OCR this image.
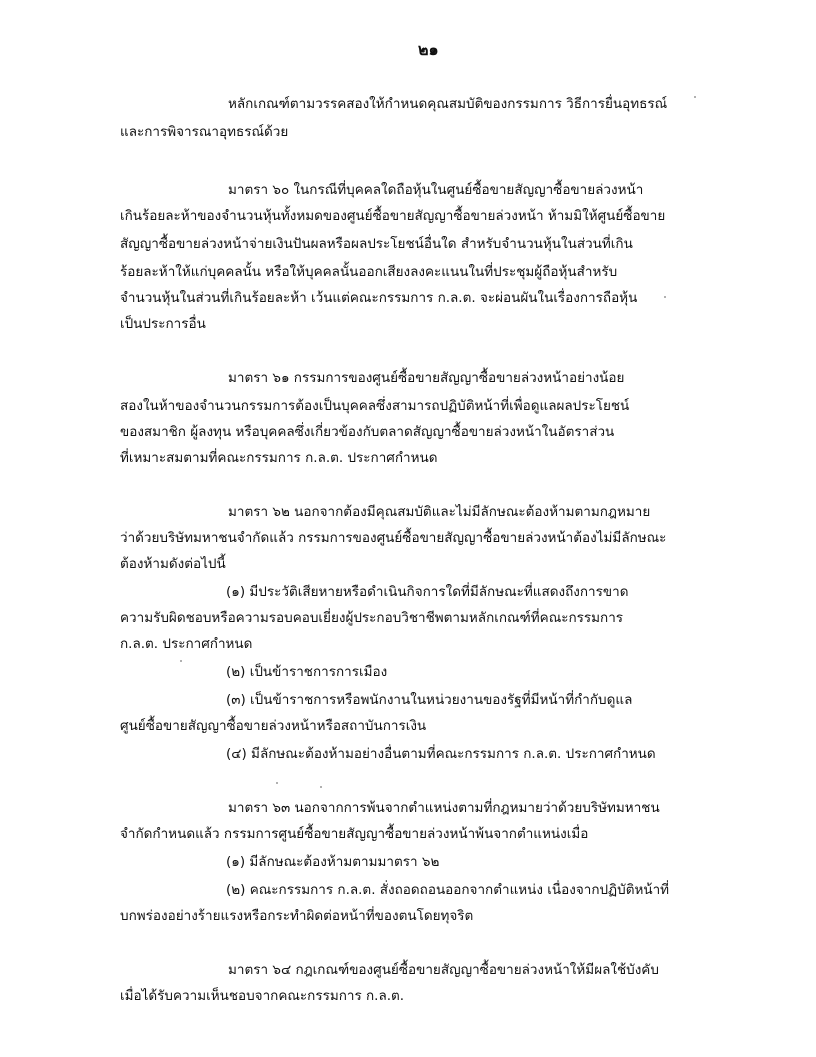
๒๑
หลักเกณฑ์ตามวรรคสองให้กำหนดคุณสมบัติของกรรมการ วิธีการยื่นอุทธรณ์
และการพิจารณาอุทธรณ์ด้วย
มาตรา ๖๐ ในกรณีที่บุคคลใดถือหุ้นในศูนย์ซื้อขายสัญญาซื้อขายล่วงหน้า
เกินร้อยละห้าของจำนวนหุ้นทั้งหมดของศูนย์ซื้อขายสัญญาซื้อขายล่วงหน้า ห้ามมิให้ศูนย์ซื้อขาย
สัญญาซื้อขายล่วงหน้าจ่ายเงินปันผลหรือผลประโยชน์อื่นใด สำหรับจำนวนหุ้นในส่วนที่เกิน
ร้อยละห้าให้แก่บุคคลนั้น หรือให้บุคคลนั้นออกเสียงลงคะแนนในที่ประชุมผู้ถือหุ้นสำหรับ
จำนวนหุ้นในส่วนที่เกินร้อยละห้า เว้นแต่คณะกรรมการ ก.ล.ต. จะผ่อนผันในเรื่องการถือหุ้น
เป็นประการอื่น
มาตรา ๖๑ กรรมการของศูนย์ซื้อขายสัญญาซื้อขายล่วงหน้าอย่างน้อย
สองในห้าของจำนวนกรรมการต้องเป็นบุคคลซึ่งสามารถปฏิบัติหน้าที่เพื่อดูแลผลประโยชน์
ของสมาชิก ผู้ลงทุน หรือบุคคลซึ่งเกี่ยวข้องกับตลาดสัญญาซื้อขายล่วงหน้าในอัตราส่วน
ที่เหมาะสมตามที่คณะกรรมการ ก.ล.ต. ประกาศกำหนด
มาตรา ๖๒ นอกจากต้องมีคุณสมบัติและไม่มีลักษณะต้องห้ามตามกฎหมาย
ว่าด้วยบริษัทมหาชนจำกัดแล้ว กรรมการของศูนย์ซื้อขายสัญญาซื้อขายล่วงหน้าต้องไม่มีลักษณะ
ต้องห้ามดังต่อไปนี้
(๑) มีประวัติเสียหายหรือดำเนินกิจการใดที่มีลักษณะที่แสดงถึงการขาด
ความรับผิดชอบหรือความรอบคอบเยี่ยงผู้ประกอบวิชาชีพตามหลักเกณฑ์ที่คณะกรรมการ
ก.ล.ต. ประกาศกำหนด
(๒) เป็นข้าราชการการเมือง
(๓) เป็นข้าราชการหรือพนักงานในหน่วยงานของรัฐที่มีหน้าที่กำกับดูแล
ศูนย์ซื้อขายสัญญาซื้อขายล่วงหน้าหรือสถาบันการเงิน
(๔) มีลักษณะต้องห้ามอย่างอื่นตามที่คณะกรรมการ ก.ล.ต. ประกาศกำหนด
มาตรา ๖๓ นอกจากการพ้นจากตำแหน่งตามที่กฎหมายว่าด้วยบริษัทมหาชน
จำกัดกำหนดแล้ว กรรมการศูนย์ซื้อขายสัญญาซื้อขายล่วงหน้าพ้นจากตำแหน่งเมื่อ
(๑) มีลักษณะต้องห้ามตามมาตรา ๖๒
(๒) คณะกรรมการ ก.ล.ต. สั่งถอดถอนออกจากตำแหน่ง เนื่องจากปฏิบัติหน้าที่
บกพร่องอย่างร้ายแรงหรือกระทำผิดต่อหน้าที่ของตนโดยทุจริต
มาตรา ๖๔ กฎเกณฑ์ของศูนย์ซื้อขายสัญญาซื้อขายล่วงหน้าให้มีผลใช้บังคับ
เมื่อได้รับความเห็นชอบจากคณะกรรมการ ก.ล.ต.
